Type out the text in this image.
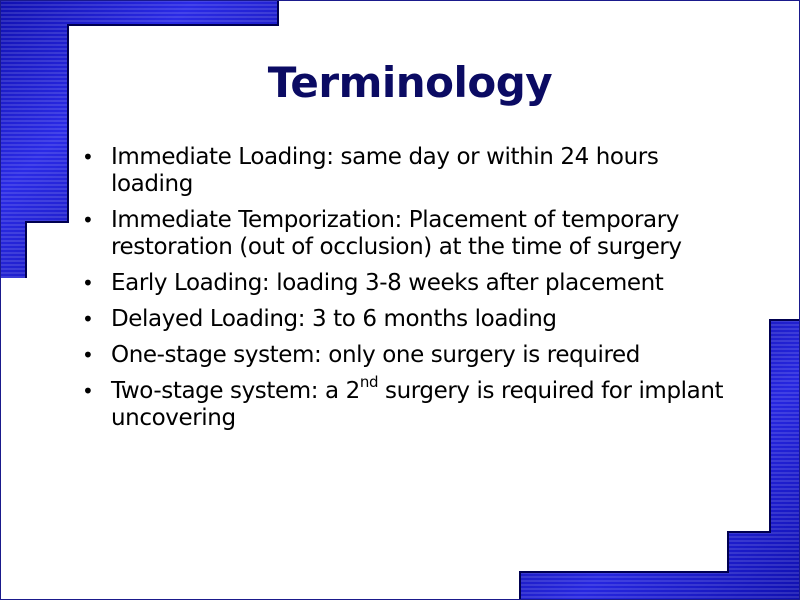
Terminology
• Immediate Loading: same day or within 24 hours loading
• Immediate Temporization: Placement of temporary restoration (out of occlusion) at the time of surgery
• Early Loading: loading 3-8 weeks after placement
• Delayed Loading: 3 to 6 months loading
• One-stage system: only one surgery is required
• Two-stage system: a 2nd surgery is required for implant uncovering
